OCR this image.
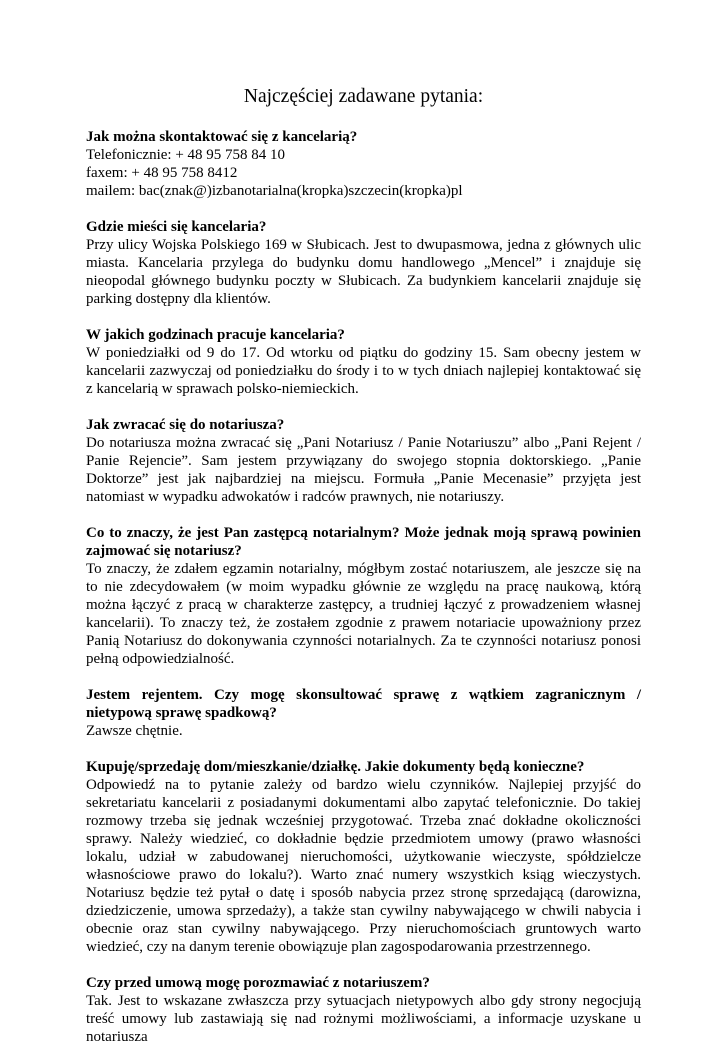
Najczęściej zadawane pytania:
Jak można skontaktować się z kancelarią?
Telefonicznie: + 48 95 758 84 10
faxem: + 48 95 758 8412
mailem: bac(znak@)izbanotarialna(kropka)szczecin(kropka)pl
Gdzie mieści się kancelaria?
Przy ulicy Wojska Polskiego 169 w Słubicach. Jest to dwupasmowa, jedna z głównych ulic miasta. Kancelaria przylega do budynku domu handlowego „Mencel” i znajduje się nieopodal głównego budynku poczty w Słubicach. Za budynkiem kancelarii znajduje się parking dostępny dla klientów.
W jakich godzinach pracuje kancelaria?
W poniedziałki od 9 do 17. Od wtorku od piątku do godziny 15. Sam obecny jestem w kancelarii zazwyczaj od poniedziałku do środy i to w tych dniach najlepiej kontaktować się z kancelarią w sprawach polsko-niemieckich.
Jak zwracać się do notariusza?
Do notariusza można zwracać się „Pani Notariusz / Panie Notariuszu” albo „Pani Rejent / Panie Rejencie”. Sam jestem przywiązany do swojego stopnia doktorskiego. „Panie Doktorze” jest jak najbardziej na miejscu. Formuła „Panie Mecenasie” przyjęta jest natomiast w wypadku adwokatów i radców prawnych, nie notariuszy.
Co to znaczy, że jest Pan zastępcą notarialnym? Może jednak moją sprawą powinien zajmować się notariusz?
To znaczy, że zdałem egzamin notarialny, mógłbym zostać notariuszem, ale jeszcze się na to nie zdecydowałem (w moim wypadku głównie ze względu na pracę naukową, którą można łączyć z pracą w charakterze zastępcy, a trudniej łączyć z prowadzeniem własnej kancelarii). To znaczy też, że zostałem zgodnie z prawem notariacie upoważniony przez Panią Notariusz do dokonywania czynności notarialnych. Za te czynności notariusz ponosi pełną odpowiedzialność.
Jestem rejentem. Czy mogę skonsultować sprawę z wątkiem zagranicznym / nietypową sprawę spadkową?
Zawsze chętnie.
Kupuję/sprzedaję dom/mieszkanie/działkę. Jakie dokumenty będą konieczne?
Odpowiedź na to pytanie zależy od bardzo wielu czynników. Najlepiej przyjść do sekretariatu kancelarii z posiadanymi dokumentami albo zapytać telefonicznie. Do takiej rozmowy trzeba się jednak wcześniej przygotować. Trzeba znać dokładne okoliczności sprawy. Należy wiedzieć, co dokładnie będzie przedmiotem umowy (prawo własności lokalu, udział w zabudowanej nieruchomości, użytkowanie wieczyste, spółdzielcze własnościowe prawo do lokalu?). Warto znać numery wszystkich ksiąg wieczystych. Notariusz będzie też pytał o datę i sposób nabycia przez stronę sprzedającą (darowizna, dziedziczenie, umowa sprzedaży), a także stan cywilny nabywającego w chwili nabycia i obecnie oraz stan cywilny nabywającego. Przy nieruchomościach gruntowych warto wiedzieć, czy na danym terenie obowiązuje plan zagospodarowania przestrzennego.
Czy przed umową mogę porozmawiać z notariuszem?
Tak. Jest to wskazane zwłaszcza przy sytuacjach nietypowych albo gdy strony negocjują treść umowy lub zastawiają się nad rożnymi możliwościami, a informacje uzyskane u notariusza
